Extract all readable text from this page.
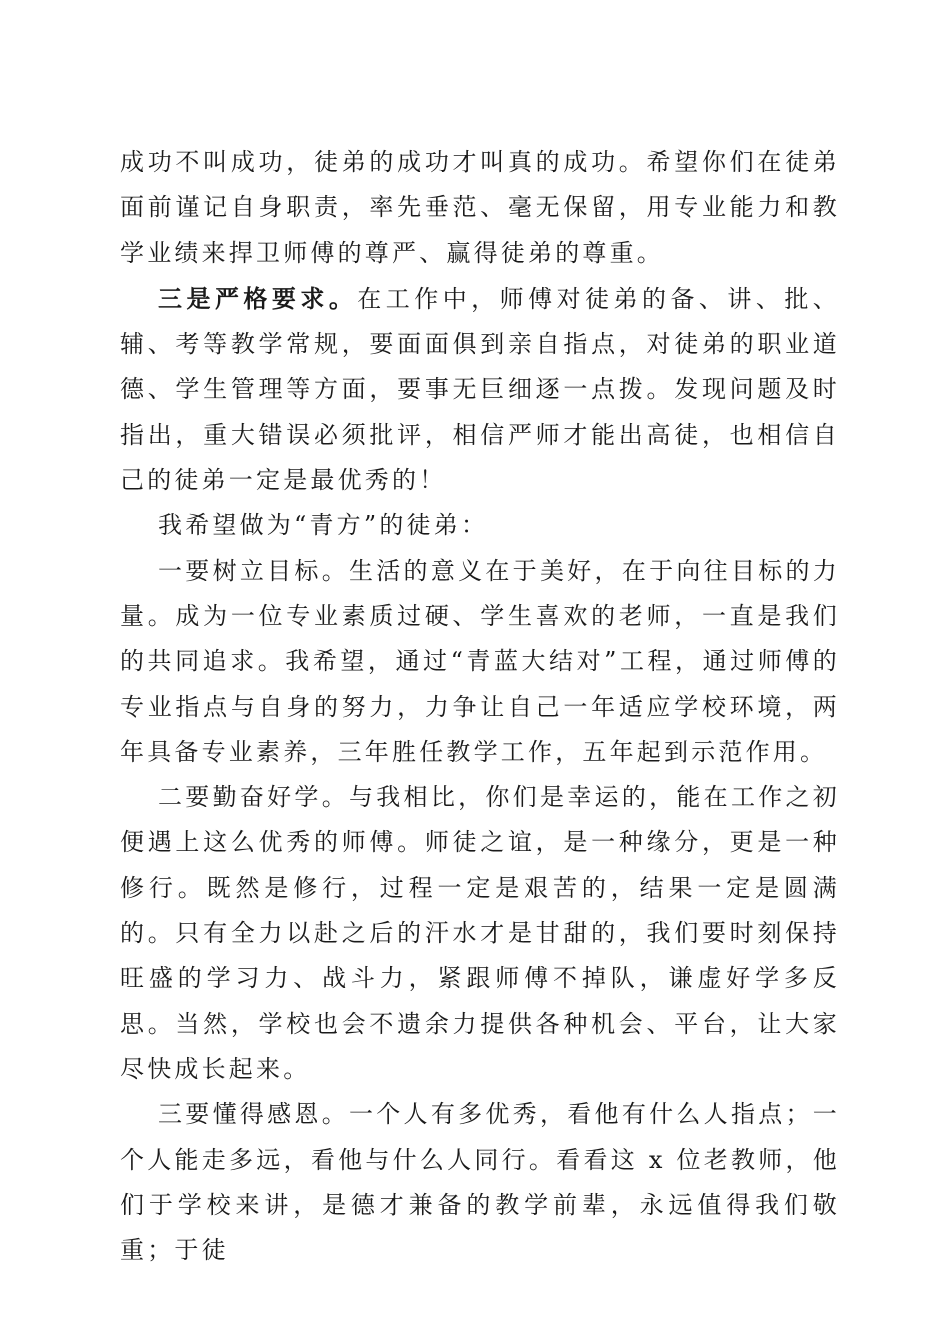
成功不叫成功，徒弟的成功才叫真的成功。希望你们在徒弟面前谨记自身职责，率先垂范、毫无保留，用专业能力和教学业绩来捍卫师傅的尊严、赢得徒弟的尊重。

三是严格要求。在工作中，师傅对徒弟的备、讲、批、辅、考等教学常规，要面面俱到亲自指点，对徒弟的职业道德、学生管理等方面，要事无巨细逐一点拨。发现问题及时指出，重大错误必须批评，相信严师才能出高徒，也相信自己的徒弟一定是最优秀的！

我希望做为“青方”的徒弟：

一要树立目标。生活的意义在于美好，在于向往目标的力量。成为一位专业素质过硬、学生喜欢的老师，一直是我们的共同追求。我希望，通过“青蓝大结对”工程，通过师傅的专业指点与自身的努力，力争让自己一年适应学校环境，两年具备专业素养，三年胜任教学工作，五年起到示范作用。

二要勤奋好学。与我相比，你们是幸运的，能在工作之初便遇上这么优秀的师傅。师徒之谊，是一种缘分，更是一种修行。既然是修行，过程一定是艰苦的，结果一定是圆满的。只有全力以赴之后的汗水才是甘甜的，我们要时刻保持旺盛的学习力、战斗力，紧跟师傅不掉队，谦虚好学多反思。当然，学校也会不遗余力提供各种机会、平台，让大家尽快成长起来。

三要懂得感恩。一个人有多优秀，看他有什么人指点；一个人能走多远，看他与什么人同行。看看这 x 位老教师，他们于学校来讲，是德才兼备的教学前辈，永远值得我们敬重；于徒
